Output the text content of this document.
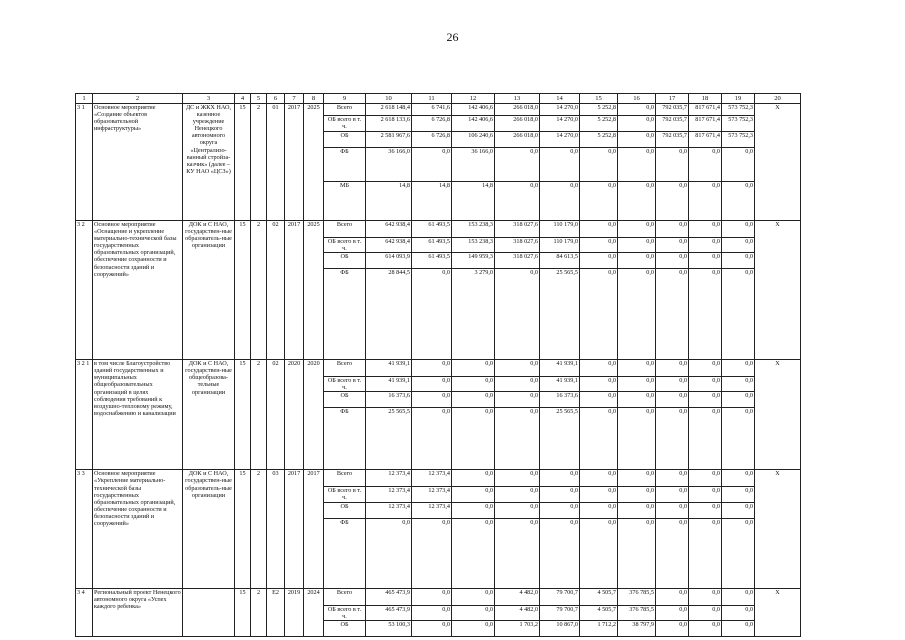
26
1	2	3	4	5	6	7	8	9	10	11	12	13	14	15	16	17	18	19	20
3 1	Основное мероприятие «Создание объектов образовательной инфраструктуры»	ДС и ЖКХ НАО, казенное учреждение Ненецкого автономного округа «Централизо-ванный стройза-казчик» (далее – КУ НАО «ЦСЗ»)	15	2	01	2017	2025	Всего	2 618 148,4	6 741,6	142 406,6	266 018,0	14 270,0	5 252,8	0,0	792 035,7	817 671,4	573 752,3	Х
								ОБ всего в т. ч.	2 618 133,6	6 726,8	142 406,6	266 018,0	14 270,0	5 252,8	0,0	792 035,7	817 671,4	573 752,3	
								ОБ	2 581 967,6	6 726,8	106 240,6	266 018,0	14 270,0	5 252,8	0,0	792 035,7	817 671,4	573 752,3	
								ФБ	36 166,0	0,0	36 166,0	0,0	0,0	0,0	0,0	0,0	0,0	0,0	
								МБ	14,8	14,8	14,8	0,0	0,0	0,0	0,0	0,0	0,0	0,0	
3 2	Основное мероприятие «Оснащение и укрепление материально-технической базы государственных образовательных организаций, обеспечение сохранности и безопасности зданий и сооружений»	ДОК и С НАО, государствен-ные образователь-ные организации	15	2	02	2017	2025	Всего	642 938,4	61 493,5	153 238,3	318 027,6	110 179,0	0,0	0,0	0,0	0,0	0,0	Х
								ОБ всего в т. ч.	642 938,4	61 493,5	153 238,3	318 027,6	110 179,0	0,0	0,0	0,0	0,0	0,0	
								ОБ	614 093,9	61 493,5	149 959,3	318 027,6	84 613,5	0,0	0,0	0,0	0,0	0,0	
								ФБ	28 844,5	0,0	3 279,0	0,0	25 565,5	0,0	0,0	0,0	0,0	0,0	
3 2 1	в том числе Благоустройство зданий государственных и муниципальных общеобразовательных организаций в целях соблюдения требований к воздушно-тепловому режиму, водоснабжению и канализации	ДОК и С НАО, государствен-ные общеобразова-тельные организации	15	2	02	2020	2020	Всего	41 939,1	0,0	0,0	0,0	41 939,1	0,0	0,0	0,0	0,0	0,0	Х
								ОБ всего в т. ч.	41 939,1	0,0	0,0	0,0	41 939,1	0,0	0,0	0,0	0,0	0,0	
								ОБ	16 373,6	0,0	0,0	0,0	16 373,6	0,0	0,0	0,0	0,0	0,0	
								ФБ	25 565,5	0,0	0,0	0,0	25 565,5	0,0	0,0	0,0	0,0	0,0	
3 3	Основное мероприятие «Укрепление материально-технической базы государственных образовательных организаций, обеспечение сохранности и безопасности зданий и сооружений»	ДОК и С НАО, государствен-ные образователь-ные организации	15	2	03	2017	2017	Всего	12 373,4	12 373,4	0,0	0,0	0,0	0,0	0,0	0,0	0,0	0,0	Х
								ОБ всего в т. ч.	12 373,4	12 373,4	0,0	0,0	0,0	0,0	0,0	0,0	0,0	0,0	
								ОБ	12 373,4	12 373,4	0,0	0,0	0,0	0,0	0,0	0,0	0,0	0,0	
								ФБ	0,0	0,0	0,0	0,0	0,0	0,0	0,0	0,0	0,0	0,0	
3 4	Региональный проект Ненецкого автономного округа «Успех каждого ребенка»		15	2	Е2	2019	2024	Всего	465 473,9	0,0	0,0	4 482,0	79 700,7	4 505,7	376 785,5	0,0	0,0	0,0	Х
								ОБ всего в т. ч.	465 473,9	0,0	0,0	4 482,0	79 700,7	4 505,7	376 785,5	0,0	0,0	0,0	
								ОБ	53 100,3	0,0	0,0	1 703,2	10 867,0	1 712,2	38 797,9	0,0	0,0	0,0	
